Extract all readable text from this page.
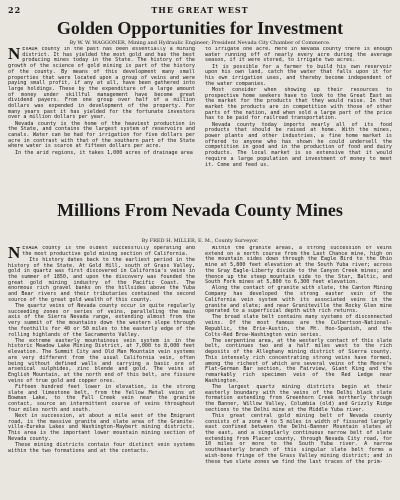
22	THE GREAT WEST
Golden Opportunities for Investment
By W. W. WAGGONER, Mining and Hydraulic Engineer; President Nevada City Chamber of Commerce.

NEVADA county in the past has been essentially a mining district. It has yielded the most gold and has the best producing mines today in the State. The history of the growth of the science of gold mining is part of the history of the county. By means of this development many small properties that were located upon a group of veins and were paying small profit, if any at all, have been gathered into large holdings. These by the expenditure of a large amount of money under skillful management have become great dividend payers. From one group over half of a million dollars was expended in development of the property. For many years past it has yielded for the fortunate investors over a million dollars per year.

Nevada county is the home of the heaviest production in the State, and contains the largest system of reservoirs and canals. Water can be had for irrigation for five dollars per acre in contrast with that of the southern part of the State where water is scarce at fifteen dollars per acre.

In the arid regions, it takes 1,000 acres of drainage area

to irrigate one acre. Here in Nevada county there is enough water running off of nearly every acre during the average season, if it were stored, to irrigate two acres.

It is possible for a farmer to build his own reservoir upon his own land, catch the water that falls upon it for his own irrigation uses, and thereby become independent of the water companies.

Most consider when showing up their resources to prospective home seekers have to look to the Great East as the market for the products that they would raise. In that market the products are in competition with those of other parts of the nation, and when sold a large part of the price has to be paid for railroad transportation.

Nevada county today imports nearly all of its food products that should be raised at home. With the mines, power plants and other industries, a fine home market is offered to anyone who has shown he could undersell the competition in good and in the production of food and dairy products. The local market is so extensive that it would require a large population and investment of money to meet it. Come and feed us.

Millions From Nevada County Mines
By FRED H. MILLER, E. M., County Surveyor.

NEVADA county is the oldest successfully operating and the most productive gold mining section of California.

Its history dates back to the earliest period in the history of the State. At Gold Hill, south of Grass Valley, gold in quartz was first discovered in California's veins in the summer of 1850, and upon the discovery was founded the great gold mining industry of the Pacific Coast. The enormous rich gravel banks on the hillsides above the Yuba and Bear rivers and their tributaries contained the second source of the great gold wealth of this county.

The quartz veins of Nevada county occur in quite regularly succeeding zones or series of veins, paralleling the main axis of the Sierra Nevada range, extending almost from the very summit of the mountains down the western slope through the foothills for 40 or 50 miles to the easterly edge of the rolling highlands of the Sacramento Valley.

The extreme easterly mountainous vein system is in the historic Meadow Lake Mining District, at 7,000 to 8,000 feet elevation. The Summit City and Old Man Mountain vein systems are very different from the usual California vein, often being without defined walls and carrying a basic ore of arsenical sulphides, zinc blende and gold. The veins at English Mountain, at the north end of this belt, are fissure veins of true gold and copper ores.

Fifteen hundred feet lower in elevation, is the strong slate and limestone belt, from the Yellow Metal veins at Bowman Lake, to the Fall Creek vein near the granite contact, source an intermittent course of veins throughout four miles north and south.

Next in succession, at about a mile west of the Emigrant road, is the massive granite and slate area of the Granite-ville-Eureka Lakes and Washington-Maybert mining districts. This area is the important lower mountain mining section of Nevada county.

These mining districts contain four distinct vein systems within the two formations and at the contacts.

Within the granite areas, a strong succession of veins extend on a north course from the Last Chance mine, high on the mountain sides down through the Eagle Bird to the Ohio mine at 5,800 feet elevation at the South Yuba river; across the Gray Eagle-Liberty divide to the Canyon Creek mines; and thence up the steep mountain side to the Star, Baltic, and South Fork mines at 5,800 to 6,300 feet elevation.

Along the contact of granite with slate, the Canton Mining Company has developed the strong easter vein of the California vein system with its associated veins in the granite and slate; and near Graniteville the Rocky Glen mine operated to a superficial depth with rich returns.

The broad slate belt contains many systems of disconnected veins. Of the most famous are the Culbertson-National-Republic, the Erie-Austin, the Mt. Hoo-Spanish, and the Colts-Red Brow-Washington vein series.

The serpentine area, at the westerly contact of this slate belt, continues two and a half miles west to the rich deposits of the Alleghany mining district of Sierra county. This intensely rich concentrating strong veins have formed, among the richest of which are several veins of the Moore's Flat-German Bar section, the Fairview, Giant King and the remarkably rich specimen vein of the Red Ledge near Washington.

The largest quartz mining districts begin at their easterly boundary with the veins of the Delhi black slate formation extending from Greenhorn Creek northerly through the Banner, Willow Valley, Columbia (old) and Grizzly Ridge sections to the Delhi mine at the Middle Yuba river.

This great central gold mining belt of Nevada county consists of a zone 4 to 5 miles in width of fissured largely east confined between the Delhi-Banner Mountain slates at the east, and a singularly continuous narrow belt of slate extending from Placer county, through Nevada City road, for 10 miles or more to the South Yuba river. A narrow southeasterly branch of this singular slate belt forms a wish-bone fringe of the Grass Valley mining district; and in these two slate zones we find the last traces of the prim-
